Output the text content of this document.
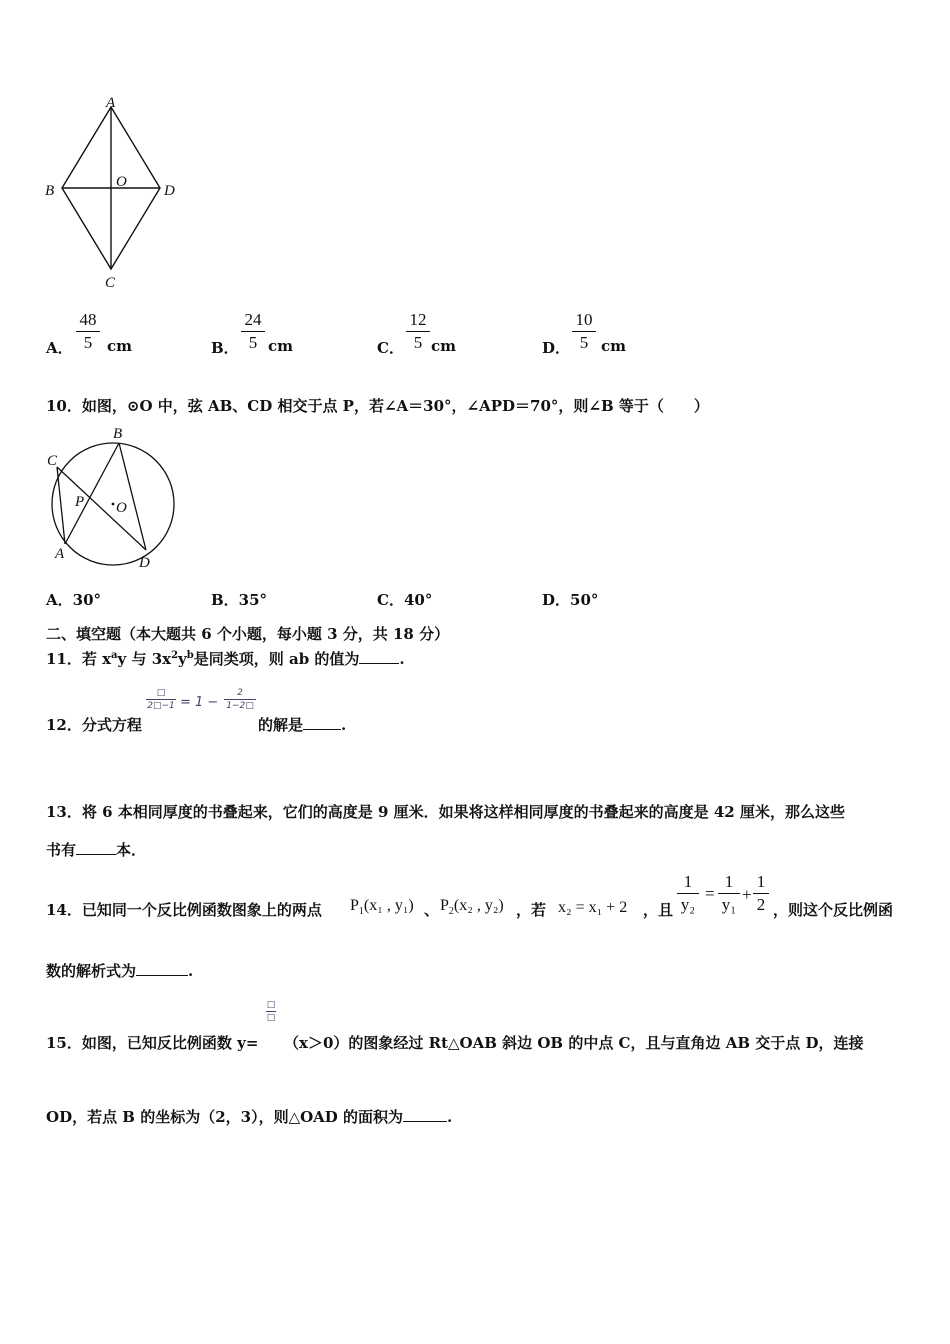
A
B
C
D
O
A．
48
5 cm	B．
24
5 cm	C．
12
5 cm	D．
10
5 cm
10．如图，⊙O 中，弦 AB、CD 相交于点 P，若∠A＝30°，∠APD＝70°，则∠B 等于（　　）
B
C
P O
A
D
A．30°	B．35°	C．40°	D．50°
二、填空题（本大题共 6 个小题，每小题 3 分，共 18 分）
11．若 $x^ay$ 与 $3x^2y^b$是同类项，则 ab 的值为	.
12．分式方程
□
2□−1 = 1 −
2
1−2□
的解是	.
13．将 6 本相同厚度的书叠起来，它们的高度是 9 厘米．如果将这样相同厚度的书叠起来的高度是 42 厘米，那么这些
书有	本．
14．已知同一个反比例函数图象上的两点 $P_1(x_1$ , y₁) 、 $P_2(x_2$ , y₂) ，若 x₂ = x₁ + 2 ，且
1
y₂
=
1
y₁
+
1
2 ，则这个反比例函
数的解析式为	.
15．如图，已知反比例函数 y=
□
□
（x＞0）的图象经过 Rt△OAB 斜边 OB 的中点 C，且与直角边 AB 交于点 D，连接
OD，若点 B 的坐标为（2，3），则△OAD 的面积为	.
